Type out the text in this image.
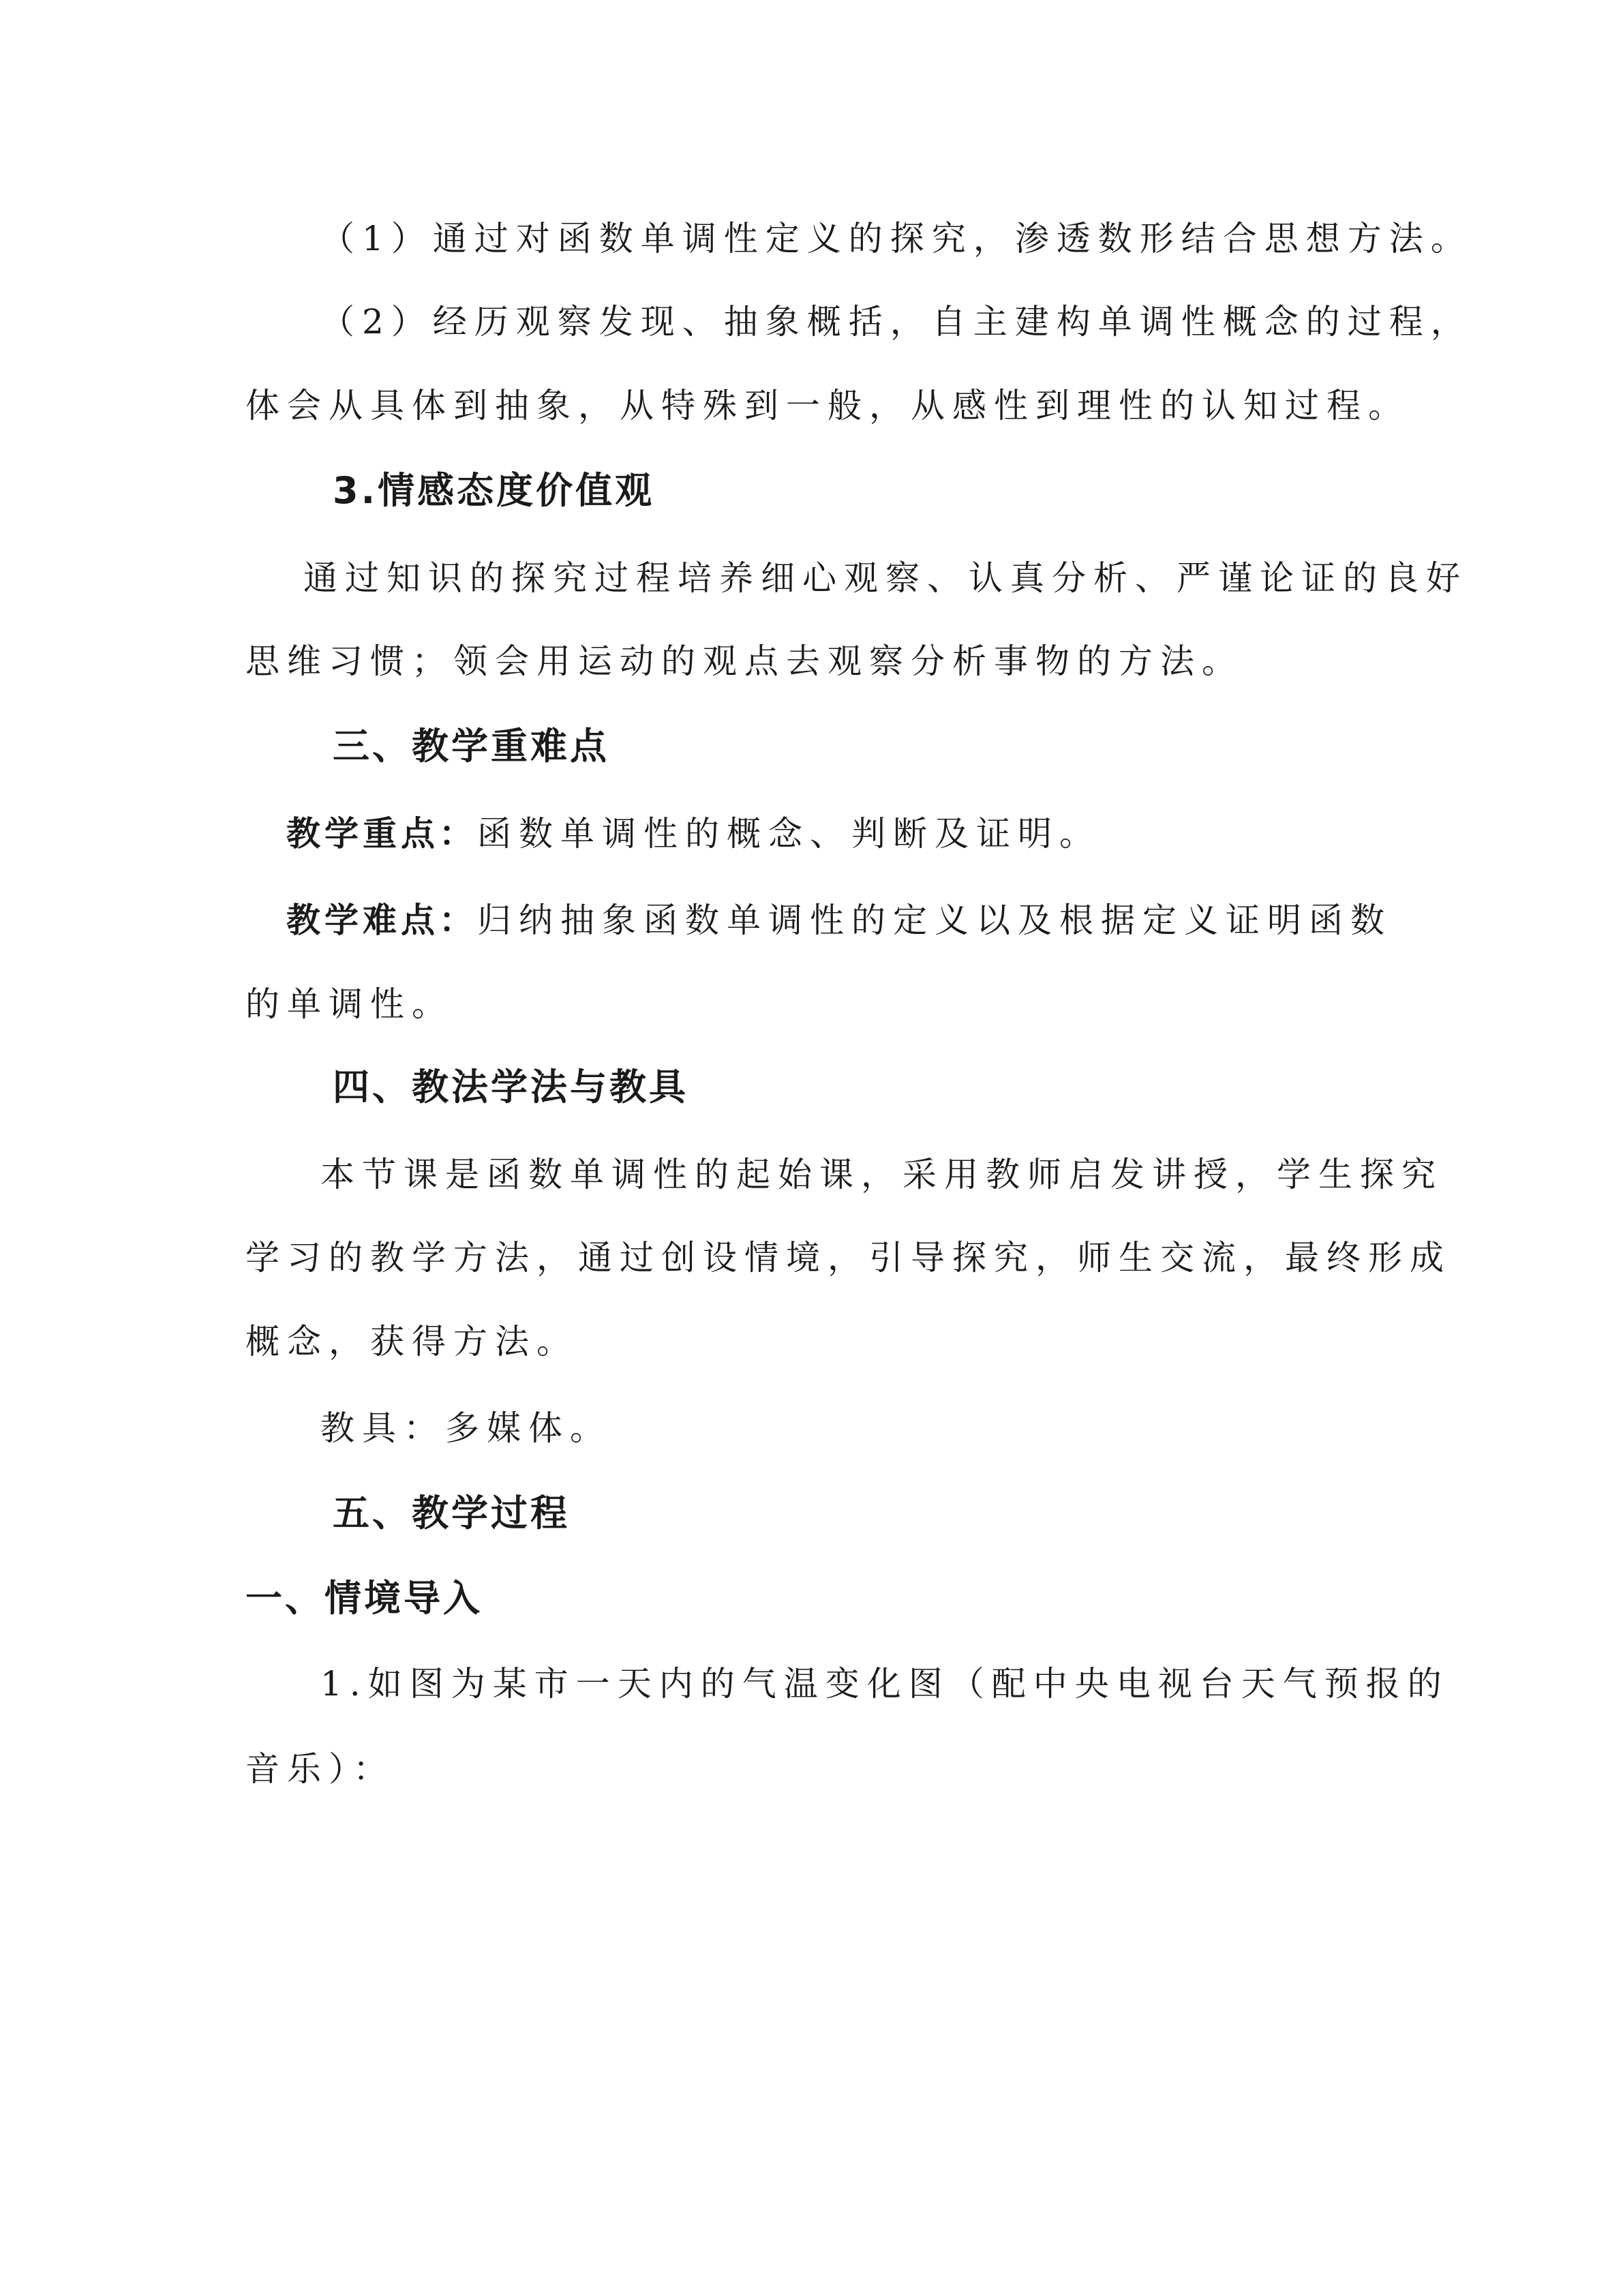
（1）通过对函数单调性定义的探究，渗透数形结合思想方法。
（2）经历观察发现、抽象概括，自主建构单调性概念的过程，
体会从具体到抽象，从特殊到一般，从感性到理性的认知过程。
3.情感态度价值观
通过知识的探究过程培养细心观察、认真分析、严谨论证的良好
思维习惯；领会用运动的观点去观察分析事物的方法。
三、教学重难点
教学重点：函数单调性的概念、判断及证明。
教学难点：归纳抽象函数单调性的定义以及根据定义证明函数
的单调性。
四、教法学法与教具
本节课是函数单调性的起始课，采用教师启发讲授，学生探究
学习的教学方法，通过创设情境，引导探究，师生交流，最终形成
概念，获得方法。
教具：多媒体。
五、教学过程
一、情境导入
1.如图为某市一天内的气温变化图（配中央电视台天气预报的
音乐）：
